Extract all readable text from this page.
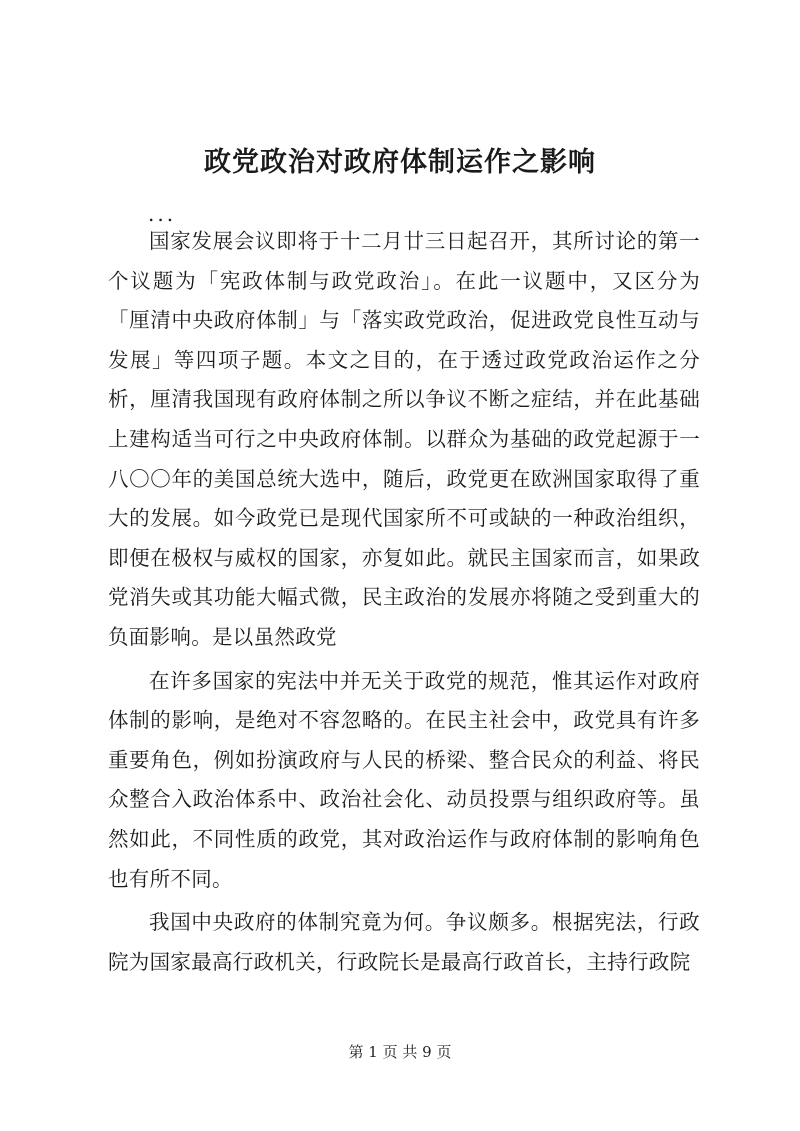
政党政治对政府体制运作之影响
...

国家发展会议即将于十二月廿三日起召开，其所讨论的第一个议题为「宪政体制与政党政治」。在此一议题中，又区分为「厘清中央政府体制」与「落实政党政治，促进政党良性互动与发展」等四项子题。本文之目的，在于透过政党政治运作之分析，厘清我国现有政府体制之所以争议不断之症结，并在此基础上建构适当可行之中央政府体制。以群众为基础的政党起源于一八〇〇年的美国总统大选中，随后，政党更在欧洲国家取得了重大的发展。如今政党已是现代国家所不可或缺的一种政治组织，即便在极权与威权的国家，亦复如此。就民主国家而言，如果政党消失或其功能大幅式微，民主政治的发展亦将随之受到重大的负面影响。是以虽然政党

在许多国家的宪法中并无关于政党的规范，惟其运作对政府体制的影响，是绝对不容忽略的。在民主社会中，政党具有许多重要角色，例如扮演政府与人民的桥梁、整合民众的利益、将民众整合入政治体系中、政治社会化、动员投票与组织政府等。虽然如此，不同性质的政党，其对政治运作与政府体制的影响角色也有所不同。

我国中央政府的体制究竟为何。争议颇多。根据宪法，行政院为国家最高行政机关，行政院长是最高行政首长，主持行政院

第 1 页 共 9 页
